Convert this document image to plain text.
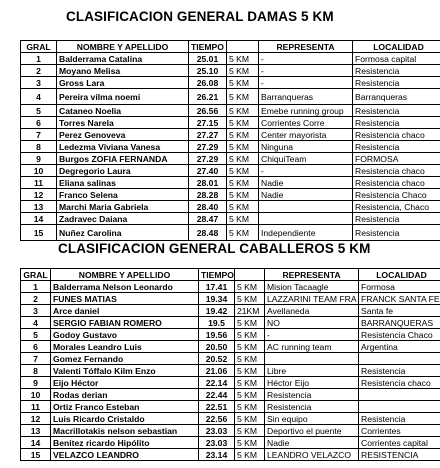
CLASIFICACION GENERAL DAMAS 5 KM
GRAL	NOMBRE Y APELLIDO	TIEMPO		REPRESENTA	LOCALIDAD
1	Balderrama Catalina	25.01	5 KM	-	Formosa capital
2	Moyano Melisa	25.10	5 KM	-	Resistencia
3	Gross Lara	26.08	5 KM	-	Resistencia
4	Pereira vilma noemi	26.21	5 KM	Barranqueras	Barranqueras
5	Cataneo Noelia	26.56	5 KM	Emebe running group	Resistencia
6	Torres Narela	27.15	5 KM	Corrientes Corre	Resistencia
7	Perez Genoveva	27.27	5 KM	Center mayorista	Resistencia chaco
8	Ledezma Viviana Vanesa	27.29	5 KM	Ninguna	Resistencia
9	Burgos ZOFIA FERNANDA	27.29	5 KM	ChiquiTeam	FORMOSA
10	Degregorio Laura	27.40	5 KM	-	Resistencia chaco
11	Eliana salinas	28.01	5 KM	Nadie	Resistencia chaco
12	Franco Selena	28.28	5 KM	Nadie	Resistencia Chaco
13	Marchi Maria Gabriela	28.40	5 KM		Resistencia, Chaco
14	Zadravec Daiana	28.47	5 KM		Resistencia
15	Nuñez Carolina	28.48	5 KM	Independiente	Resistencia
CLASIFICACION GENERAL CABALLEROS 5 KM
GRAL	NOMBRE Y APELLIDO	TIEMPO		REPRESENTA	LOCALIDAD
1	Balderrama Nelson Leonardo	17.41	5 KM	Mision Tacaagle	Formosa
2	FUNES MATIAS	19.34	5 KM	LAZZARINI TEAM FRA	FRANCK SANTA FE
3	Arce daniel	19.42	21KM	Avellaneda	Santa fe
4	SERGIO FABIAN ROMERO	19.5	5 KM	NO	BARRANQUERAS
5	Godoy Gustavo	19.56	5 KM	-	Resistencia Chaco
6	Morales Leandro Luis	20.50	5 KM	AC running team	Argentina
7	Gomez Fernando	20.52	5 KM		
8	Valenti Tóffalo Kilm Enzo	21.06	5 KM	Libre	Resistencia
9	Eijo Héctor	22.14	5 KM	Héctor Eijo	Resistencia chaco
10	Rodas derian	22.44	5 KM	Resistencia	
11	Ortiz Franco Esteban	22.51	5 KM	Resistencia	
12	Luis Ricardo Cristaldo	22.56	5 KM	Sin equipo	Resistencia
13	Macrillotakis nelson sebastian	23.03	5 KM	Deportivo el puente	Corrientes
14	Benitez ricardo Hipólito	23.03	5 KM	Nadie	Corrientes capital
15	VELAZCO LEANDRO	23.14	5 KM	LEANDRO VELAZCO	RESISTENCIA
